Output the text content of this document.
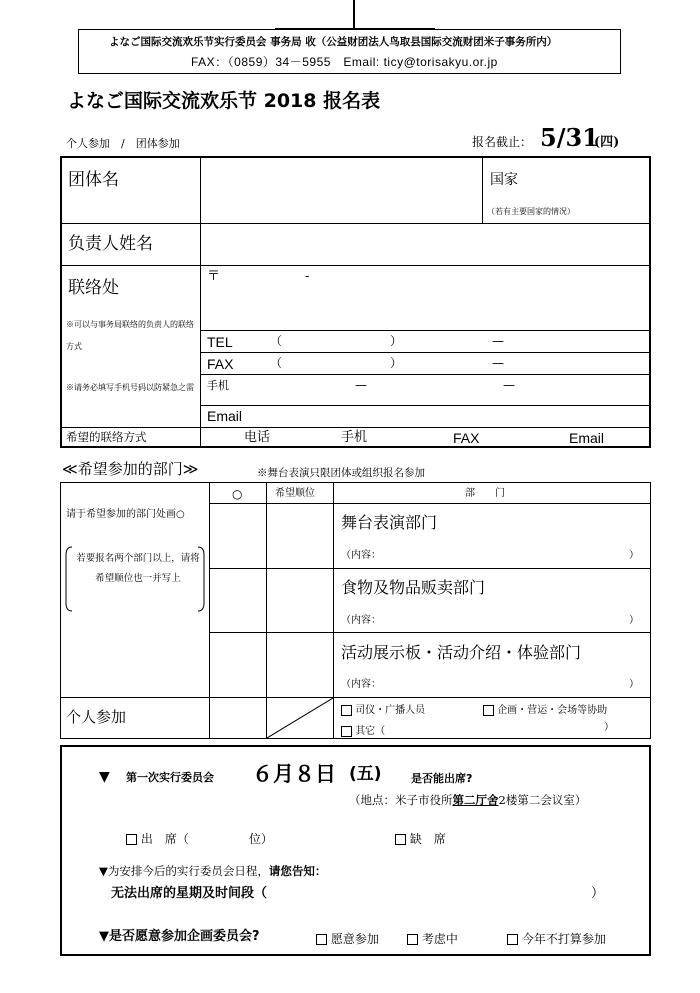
よなご国际交流欢乐节实行委员会 事务局 收（公益财团法人鸟取县国际交流财团米子事务所内）
FAX：（0859）34－5955　Email: ticy@torisakyu.or.jp
よなご国际交流欢乐节 2018 报名表
个人参加　/　团体参加	报名截止： 5/31
(四)
团体名	国家
（若有主要国家的情况）
负责人姓名
联络处
※可以与事务局联络的负责人的联络方式
※请务必填写手机号码以防紧急之需
〒	-
TEL	（	）	—
FAX	（	）	—
手机	—	—
Email
希望的联络方式	电话	手机	FAX	Email
≪希望参加的部门≫	※舞台表演只限团体或组织报名参加
○	希望顺位	部　　门
请于希望参加的部门处画○
若要报名两个部门以上，请将希望顺位也一并写上
舞台表演部门
（内容：	）
食物及物品贩卖部门
（内容：	）
活动展示板・活动介绍・体验部门
（内容：	）
个人参加	司仪・广播人员	企画・营运・会场等协助
其它（	）
▼ 第一次实行委员会 ６月８日 (五)	是否能出席?
（地点：米子市役所第二厅舍2楼第二会议室）
出　席（　　　　　位）	缺　席
▼为安排今后的实行委员会日程，请您告知：
无法出席的星期及时间段（	）
▼是否愿意参加企画委员会?	愿意参加	考虑中	今年不打算参加
